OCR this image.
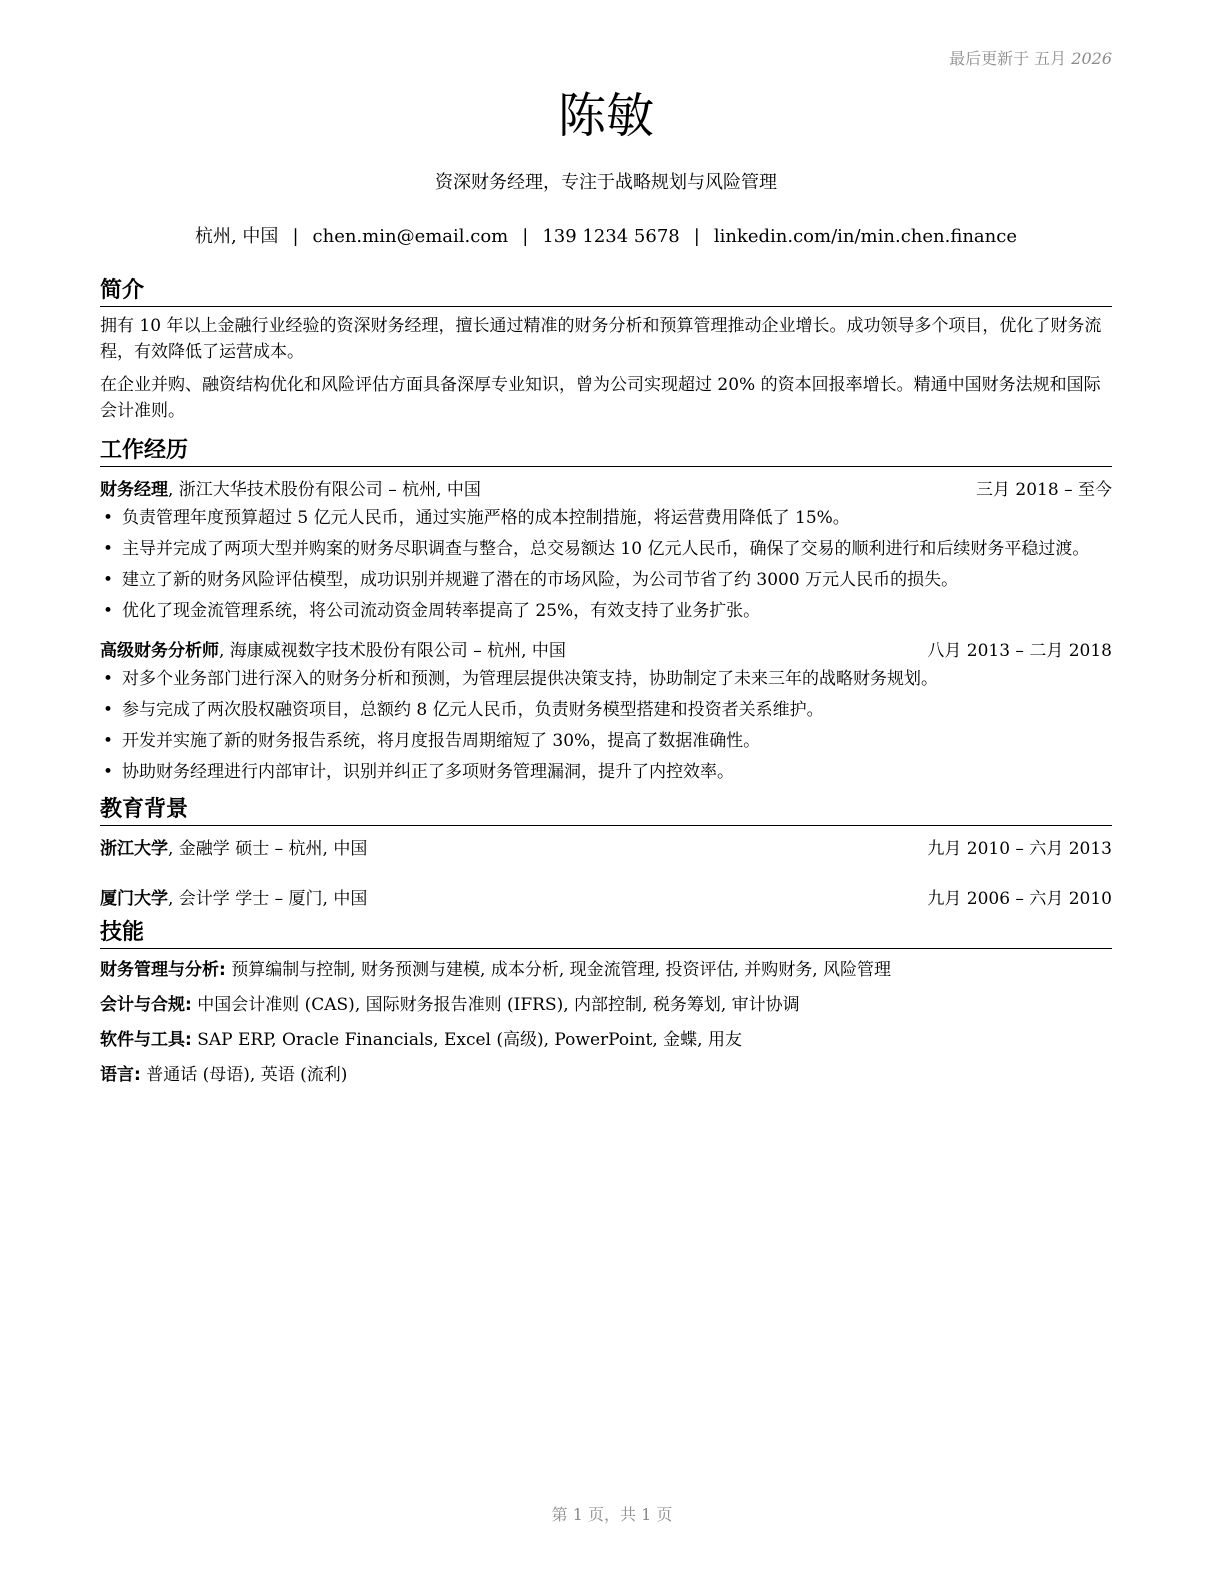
最后更新于 五月 2026
陈敏
资深财务经理，专注于战略规划与风险管理
杭州, 中国 | chen.min@email.com | 139 1234 5678 | linkedin.com/in/min.chen.finance
简介

拥有 10 年以上金融行业经验的资深财务经理，擅长通过精准的财务分析和预算管理推动企业增长。成功领导多个项目，优化了财务流程，有效降低了运营成本。

在企业并购、融资结构优化和风险评估方面具备深厚专业知识，曾为公司实现超过 20% 的资本回报率增长。精通中国财务法规和国际会计准则。

工作经历
财务经理, 浙江大华技术股份有限公司 – 杭州, 中国	三月 2018 – 至今
• 负责管理年度预算超过 5 亿元人民币，通过实施严格的成本控制措施，将运营费用降低了 15%。
• 主导并完成了两项大型并购案的财务尽职调查与整合，总交易额达 10 亿元人民币，确保了交易的顺利进行和后续财务平稳过渡。
• 建立了新的财务风险评估模型，成功识别并规避了潜在的市场风险，为公司节省了约 3000 万元人民币的损失。
• 优化了现金流管理系统，将公司流动资金周转率提高了 25%，有效支持了业务扩张。
高级财务分析师, 海康威视数字技术股份有限公司 – 杭州, 中国	八月 2013 – 二月 2018
• 对多个业务部门进行深入的财务分析和预测，为管理层提供决策支持，协助制定了未来三年的战略财务规划。
• 参与完成了两次股权融资项目，总额约 8 亿元人民币，负责财务模型搭建和投资者关系维护。
• 开发并实施了新的财务报告系统，将月度报告周期缩短了 30%，提高了数据准确性。
• 协助财务经理进行内部审计，识别并纠正了多项财务管理漏洞，提升了内控效率。
教育背景
浙江大学, 金融学 硕士 – 杭州, 中国	九月 2010 – 六月 2013
厦门大学, 会计学 学士 – 厦门, 中国	九月 2006 – 六月 2010
技能
财务管理与分析: 预算编制与控制, 财务预测与建模, 成本分析, 现金流管理, 投资评估, 并购财务, 风险管理
会计与合规: 中国会计准则 (CAS), 国际财务报告准则 (IFRS), 内部控制, 税务筹划, 审计协调
软件与工具: SAP ERP, Oracle Financials, Excel (高级), PowerPoint, 金蝶, 用友
语言: 普通话 (母语), 英语 (流利)
第 1 页，共 1 页
